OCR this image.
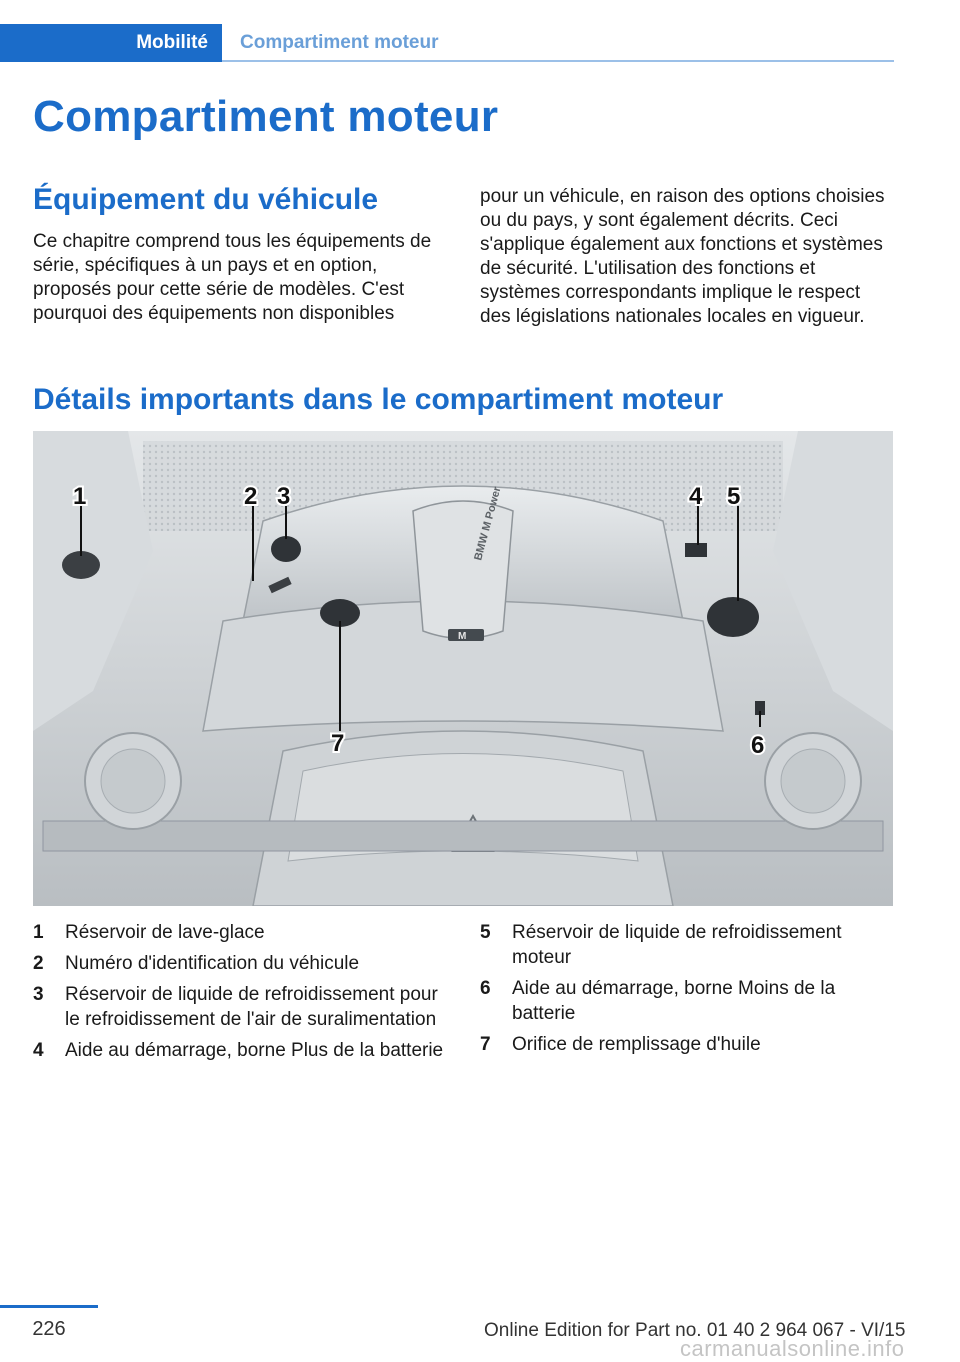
Mobilité	Compartiment moteur
Compartiment moteur
Équipement du véhicule

Ce chapitre comprend tous les équipements de série, spécifiques à un pays et en option, proposés pour cette série de modèles. C'est pourquoi des équipements non disponibles

pour un véhicule, en raison des options choisies ou du pays, y sont également décrits. Ceci s'applique également aux fonctions et systèmes de sécurité. L'utilisation des fonctions et systèmes correspondants implique le respect des législations nationales locales en vigueur.

Détails importants dans le compartiment moteur
BMW M Power
M
1	2 3	4 5
6
7
1	Réservoir de lave-glace
2	Numéro d'identification du véhicule
3	Réservoir de liquide de refroidissement pour le refroidissement de l'air de suralimentation
4	Aide au démarrage, borne Plus de la batterie
5	Réservoir de liquide de refroidissement moteur
6	Aide au démarrage, borne Moins de la batterie
7	Orifice de remplissage d'huile
226	Online Edition for Part no. 01 40 2 964 067 - VI/15
carmanualsonline.info
